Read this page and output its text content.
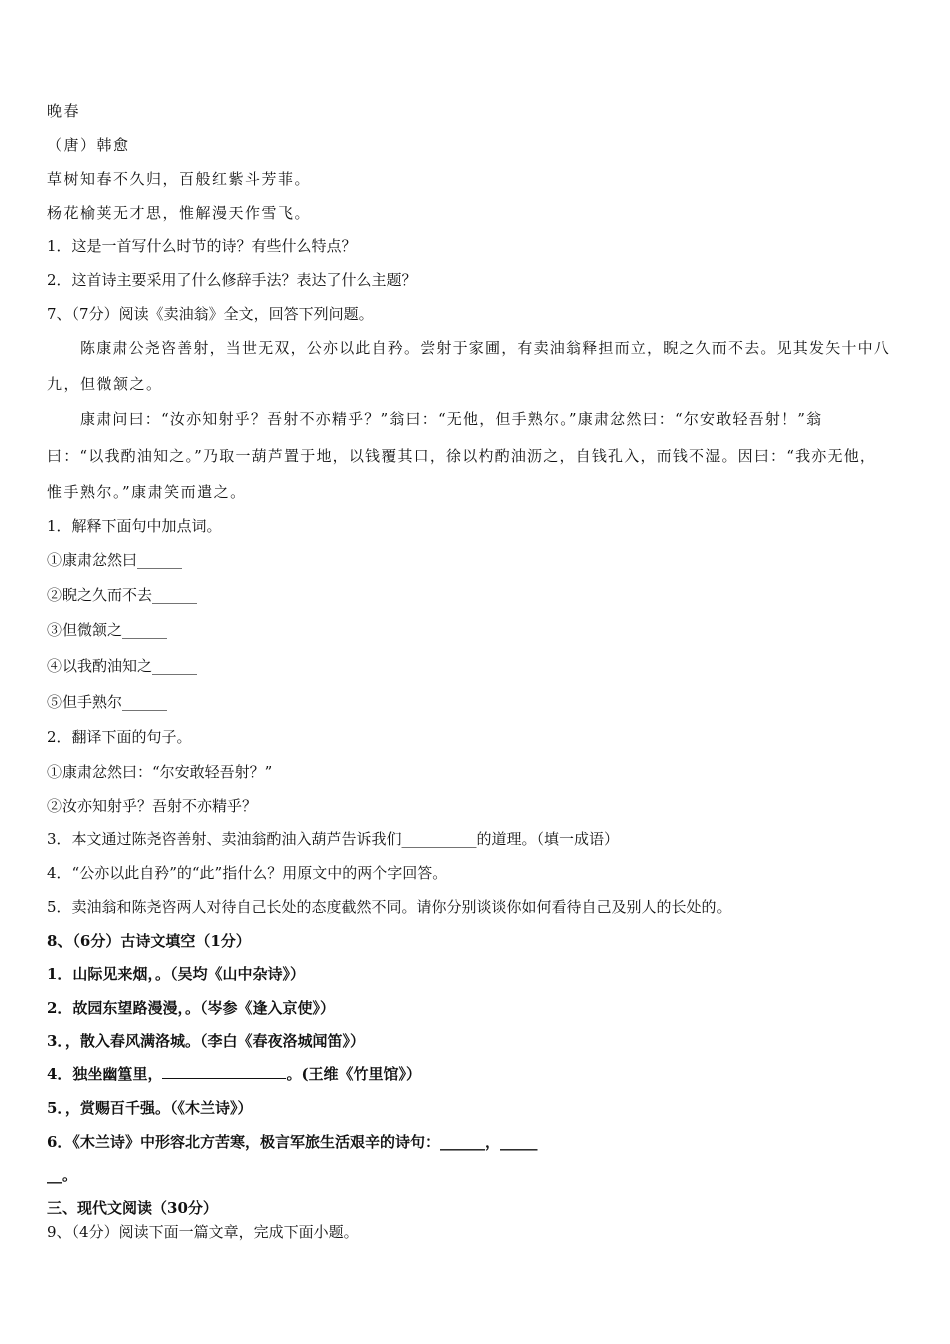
晚春
（唐）韩愈
草树知春不久归，百般红紫斗芳菲。
杨花榆荚无才思，惟解漫天作雪飞。
1．这是一首写什么时节的诗？有些什么特点？
2．这首诗主要采用了什么修辞手法？表达了什么主题？
7、（7分）阅读《卖油翁》全文，回答下列问题。
陈康肃公尧咨善射，当世无双，公亦以此自矜。尝射于家圃，有卖油翁释担而立，睨之久而不去。见其发矢十中八
九，但微颔之。
康肃问曰：“汝亦知射乎？吾射不亦精乎？”翁曰：“无他，但手熟尔。”康肃忿然曰：“尔安敢轻吾射！”翁
曰：“以我酌油知之。”乃取一葫芦置于地，以钱覆其口，徐以杓酌油沥之，自钱孔入，而钱不湿。因曰：“我亦无他，
惟手熟尔。”康肃笑而遣之。
1．解释下面句中加点词。
①康肃忿然曰______
②睨之久而不去______
③但微颔之______
④以我酌油知之______
⑤但手熟尔______
2．翻译下面的句子。
①康肃忿然曰：“尔安敢轻吾射？”
②汝亦知射乎？吾射不亦精乎？
3．本文通过陈尧咨善射、卖油翁酌油入葫芦告诉我们__________的道理。（填一成语）
4．“公亦以此自矜”的“此”指什么？用原文中的两个字回答。
5．卖油翁和陈尧咨两人对待自己长处的态度截然不同。请你分别谈谈你如何看待自己及别人的长处的。
8、（6分）古诗文填空（1分）
1．山际见来烟，。（吴均《山中杂诗》）
2．故园东望路漫漫，。（岑参《逢入京使》）
3．，散入春风满洛城。（李白《春夜洛城闻笛》）
4．独坐幽篁里，	。(王维《竹里馆》）
5．，赏赐百千强。（《木兰诗》）
6．《木兰诗》中形容北方苦寒，极言军旅生活艰辛的诗句：______，_____
__。
三、现代文阅读（30分）
9、（4分）阅读下面一篇文章，完成下面小题。
